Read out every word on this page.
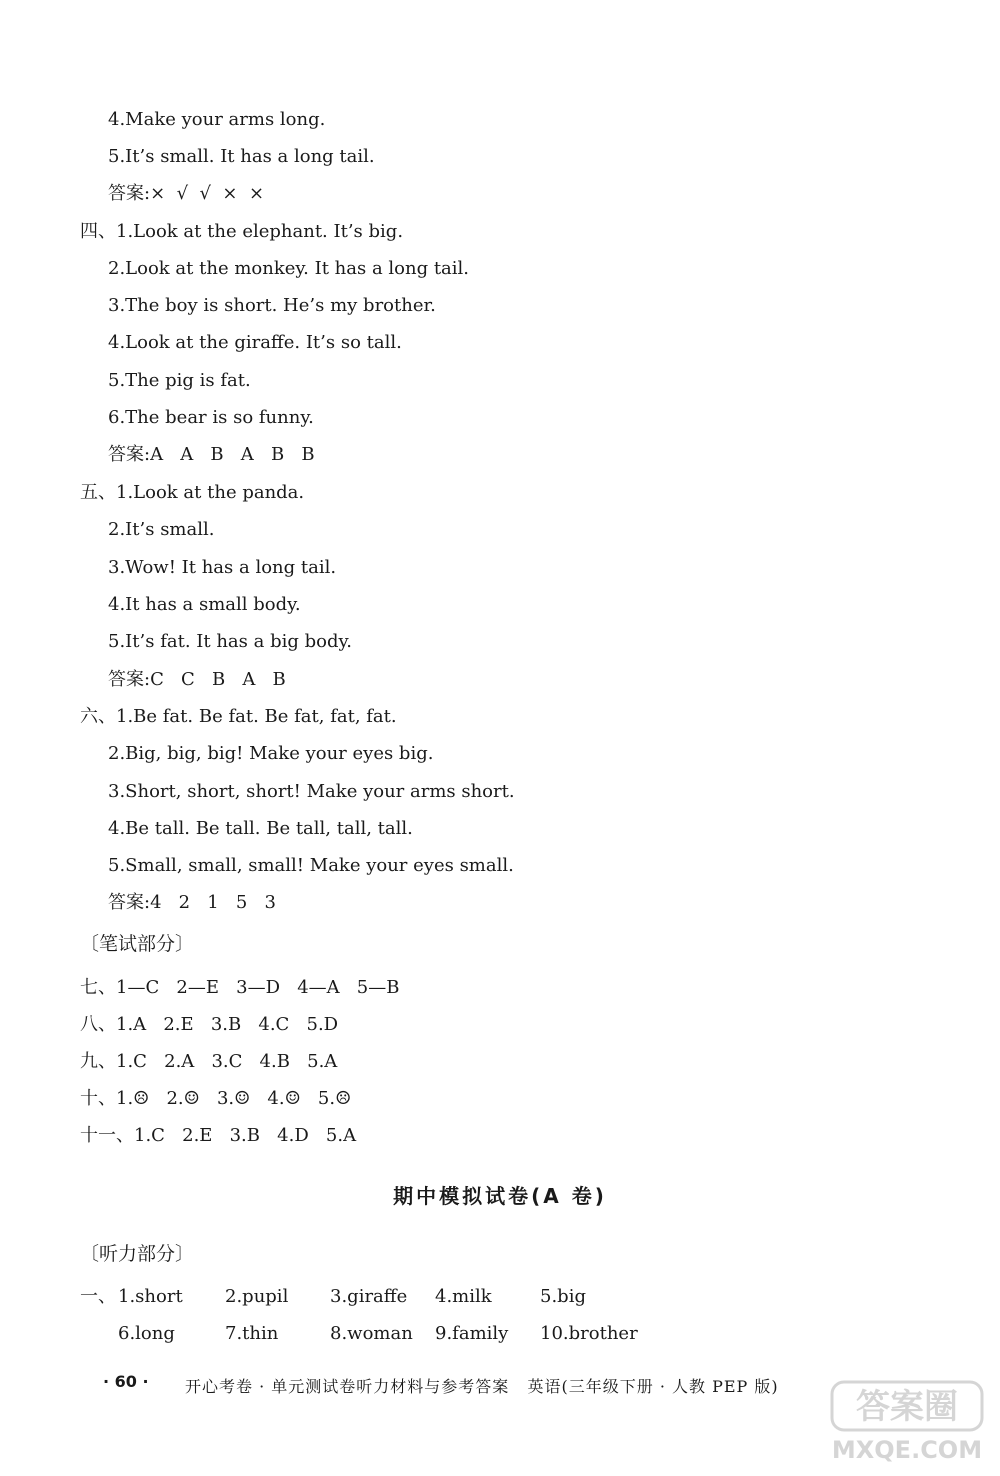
4.Make your arms long.
5.It’s small. It has a long tail.
答案:×  √  √  ×  ×
四、1.Look at the elephant. It’s big.
2.Look at the monkey. It has a long tail.
3.The boy is short. He’s my brother.
4.Look at the giraffe. It’s so tall.
5.The pig is fat.
6.The bear is so funny.
答案:A   A   B   A   B   B
五、1.Look at the panda.
2.It’s small.
3.Wow! It has a long tail.
4.It has a small body.
5.It’s fat. It has a big body.
答案:C   C   B   A   B
六、1.Be fat. Be fat. Be fat, fat, fat.
2.Big, big, big! Make your eyes big.
3.Short, short, short! Make your arms short.
4.Be tall. Be tall. Be tall, tall, tall.
5.Small, small, small! Make your eyes small.
答案:4   2   1   5   3
七、1—C   2—E   3—D   4—A   5—B
八、1.A   2.E   3.B   4.C   5.D
九、1.C   2.A   3.C   4.B   5.A
十、1.☹   2.☺   3.☺   4.☺   5.☹
十一、1.C   2.E   3.B   4.D   5.A
〔笔试部分〕
期中模拟试卷(A 卷)
〔听力部分〕
一、 1.short 2.pupil 3.giraffe 4.milk	5.big
6.long	7.thin	8.woman 9.family 10.brother
· 60 · 开心考卷 · 单元测试卷听力材料与参考答案   英语(三年级下册 · 人教 PEP 版)
答案圈
MXQE.COM
